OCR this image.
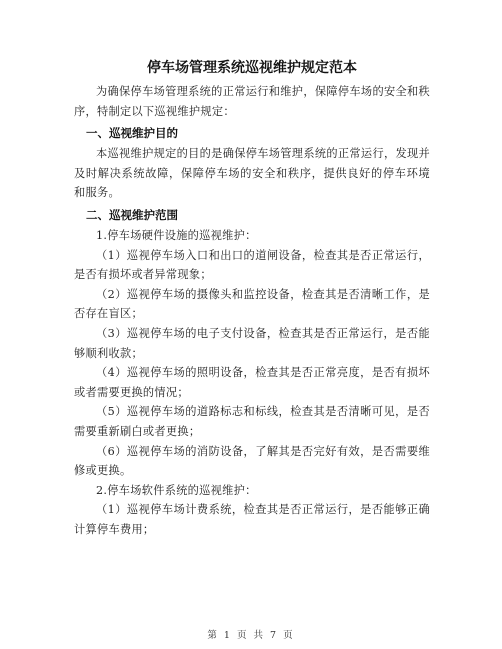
停车场管理系统巡视维护规定范本

为确保停车场管理系统的正常运行和维护，保障停车场的安全和秩序，特制定以下巡视维护规定：

一、巡视维护目的

本巡视维护规定的目的是确保停车场管理系统的正常运行，发现并及时解决系统故障，保障停车场的安全和秩序，提供良好的停车环境和服务。

二、巡视维护范围

1.停车场硬件设施的巡视维护：

（1）巡视停车场入口和出口的道闸设备，检查其是否正常运行，是否有损坏或者异常现象；

（2）巡视停车场的摄像头和监控设备，检查其是否清晰工作，是否存在盲区；

（3）巡视停车场的电子支付设备，检查其是否正常运行，是否能够顺利收款；

（4）巡视停车场的照明设备，检查其是否正常亮度，是否有损坏或者需要更换的情况；

（5）巡视停车场的道路标志和标线，检查其是否清晰可见，是否需要重新刷白或者更换；

（6）巡视停车场的消防设备，了解其是否完好有效，是否需要维修或更换。

2.停车场软件系统的巡视维护：

（1）巡视停车场计费系统，检查其是否正常运行，是否能够正确计算停车费用；

第 1 页 共 7 页
